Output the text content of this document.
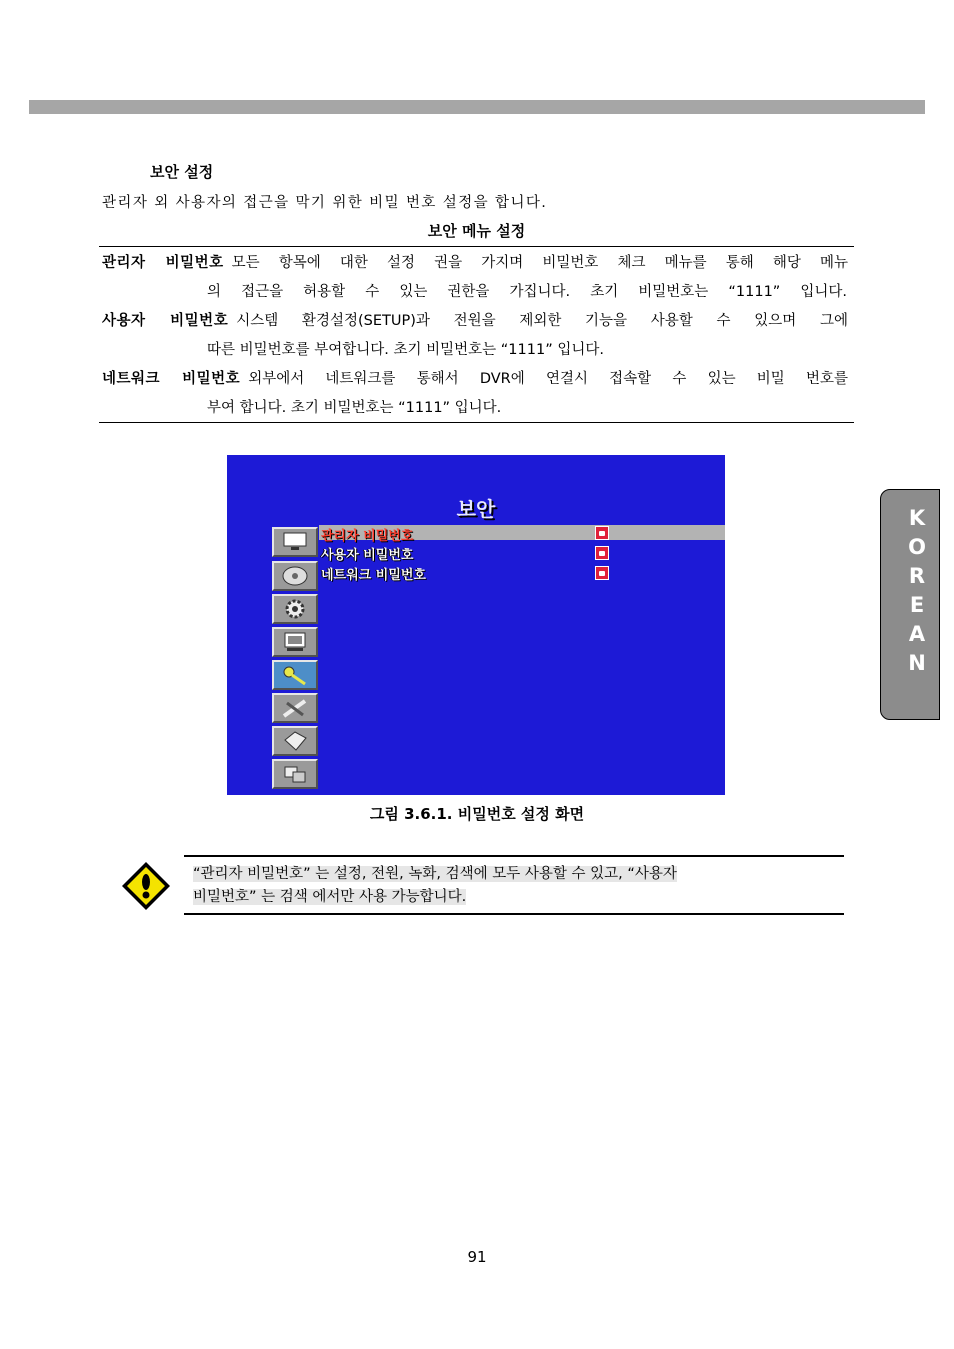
보안 설정
관리자 외 사용자의 접근을 막기 위한 비밀 번호 설정을 합니다.
보안 메뉴 설정
관리자 비밀번호 모든 항목에 대한 설정 권을 가지며 비밀번호 체크 메뉴를 통해 해당 메뉴
의 접근을 허용할 수 있는 권한을 가집니다. 초기 비밀번호는 “1111” 입니다.
사용자 비밀번호 시스템 환경설정(SETUP)과 전원을 제외한 기능을 사용할 수 있으며 그에
따른 비밀번호를 부여합니다. 초기 비밀번호는 “1111” 입니다.
네트워크 비밀번호 외부에서 네트워크를 통해서 DVR에 연결시 접속할 수 있는 비밀 번호를
부여 합니다. 초기 비밀번호는 “1111” 입니다.
보안
관리자 비밀번호
사용자 비밀번호
네트워크 비밀번호
그림 3.6.1. 비밀번호 설정 화면
“관리자 비밀번호” 는 설정, 전원, 녹화, 검색에 모두 사용할 수 있고, “사용자
비밀번호” 는 검색 에서만 사용 가능합니다.
K
O
R
E
A
N
91
